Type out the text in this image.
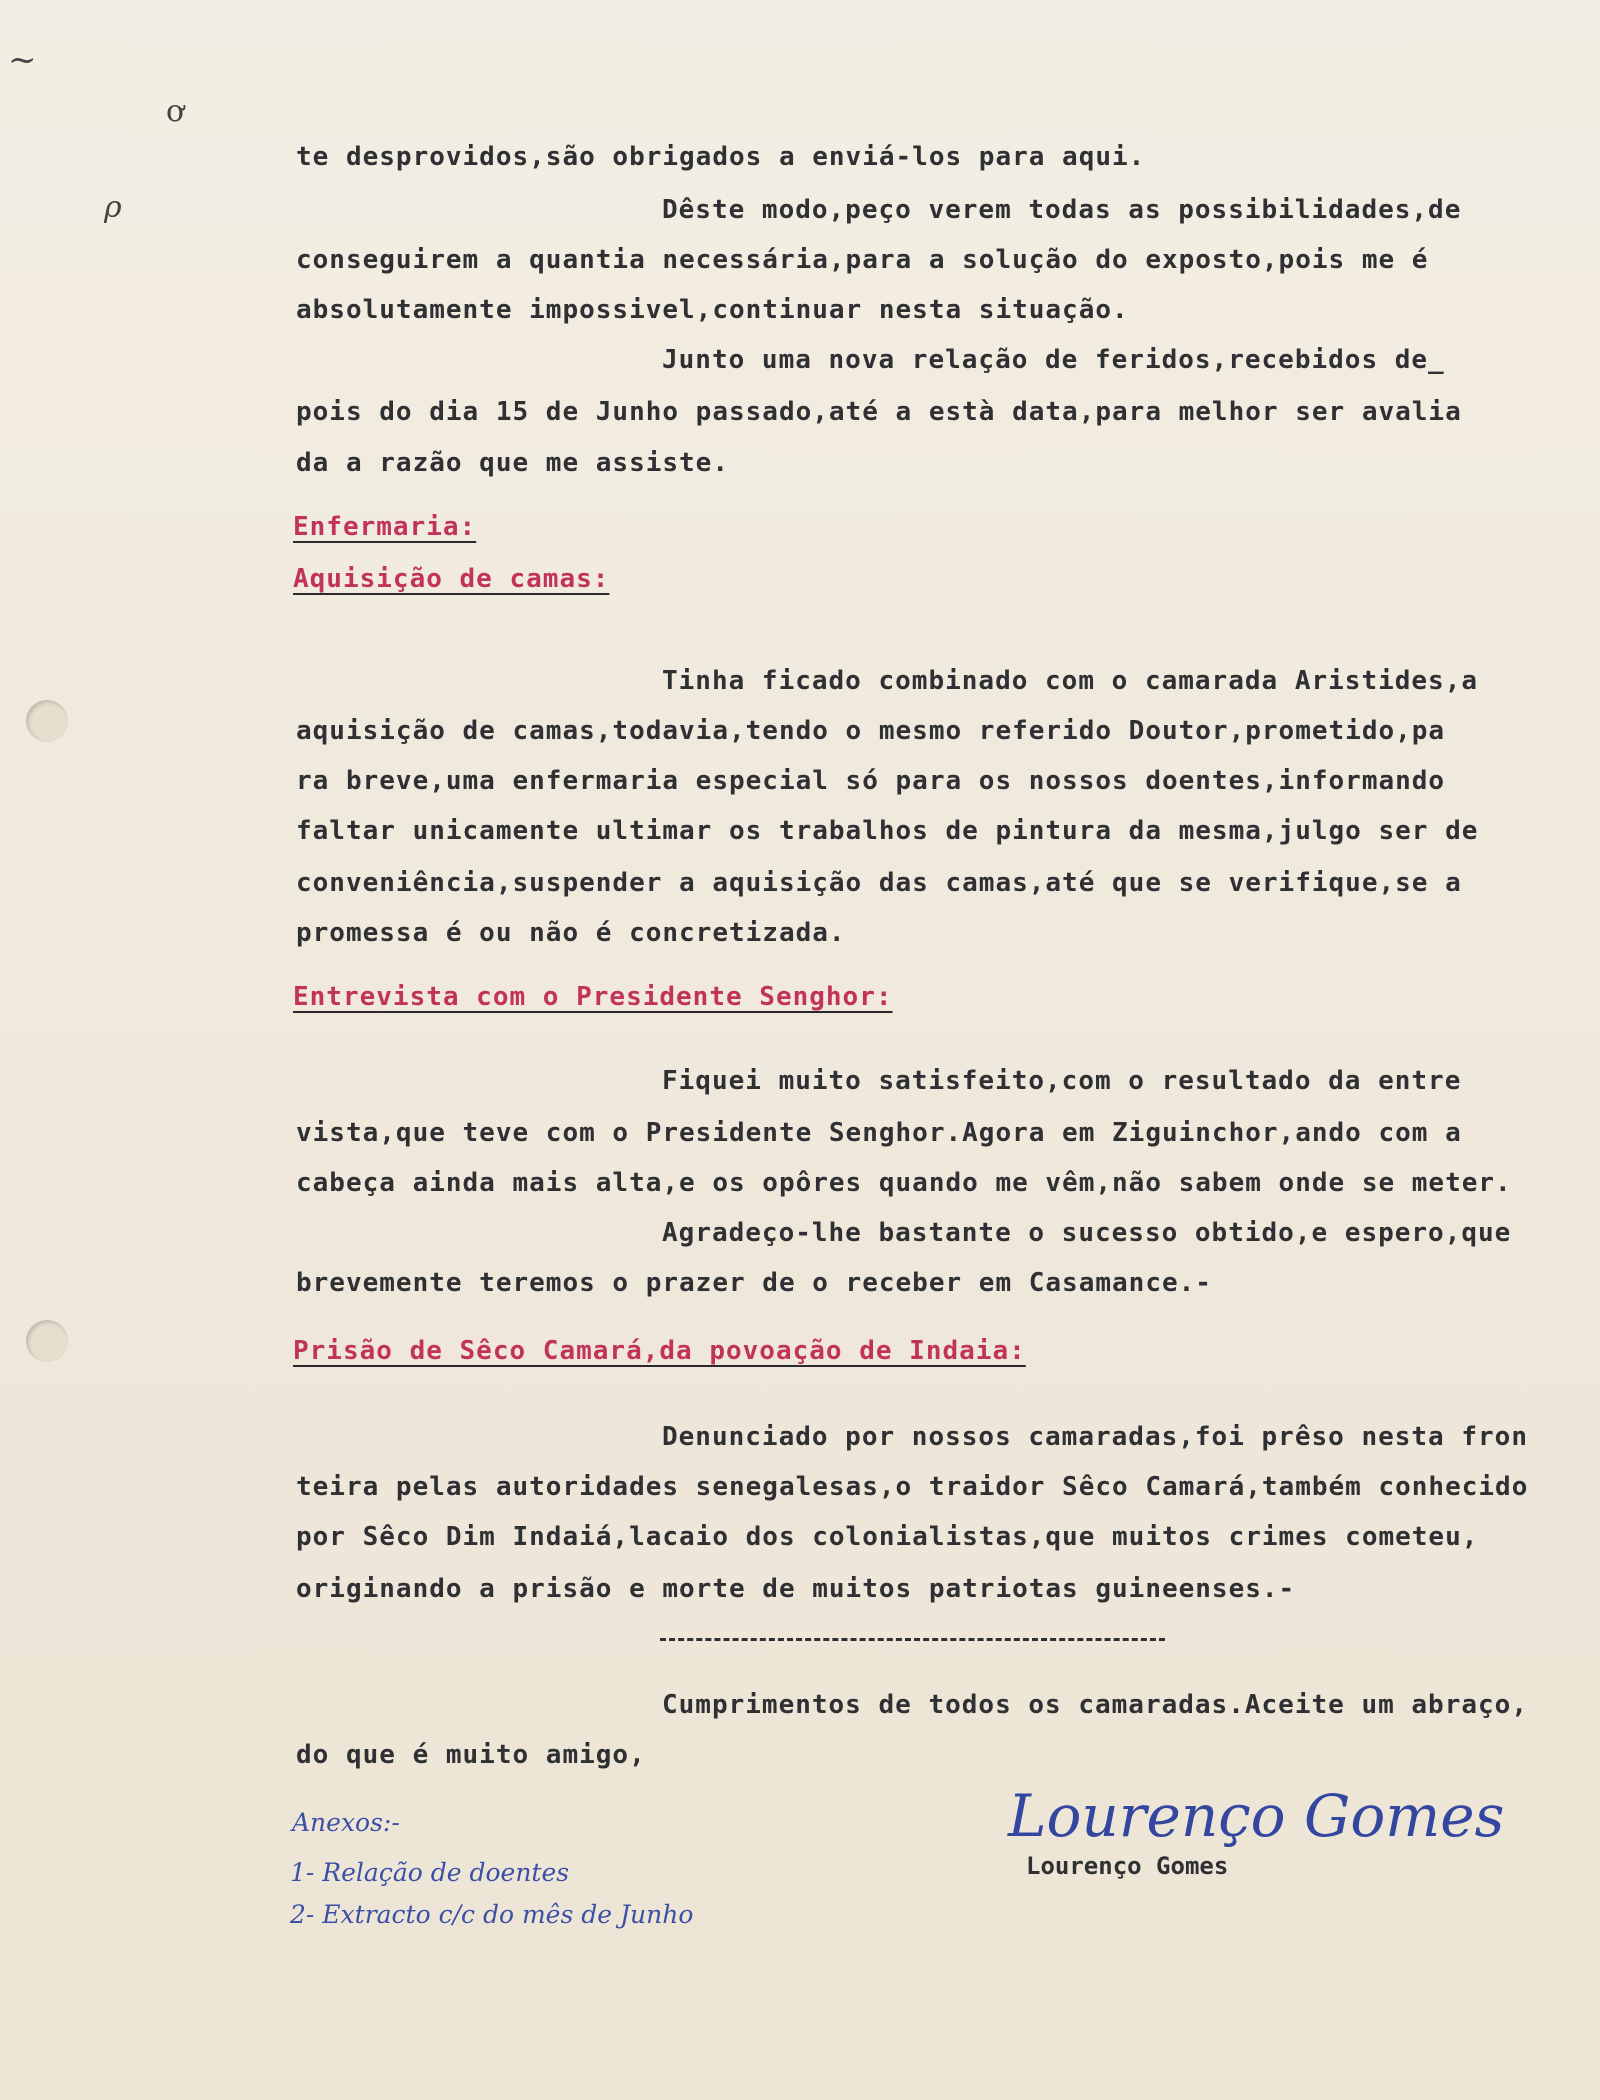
~
ơ
ρ
te desprovidos,são obrigados a enviá-los para aqui.
Dêste modo,peço verem todas as possibilidades,de
conseguirem a quantia necessária,para a solução do exposto,pois me é
absolutamente impossivel,continuar nesta situação.
Junto uma nova relação de feridos,recebidos de_
pois do dia 15 de Junho passado,até a està data,para melhor ser avalia
da a razão que me assiste.
Enfermaria:
Aquisição de camas:
Tinha ficado combinado com o camarada Aristides,a
aquisição de camas,todavia,tendo o mesmo referido Doutor,prometido,pa
ra breve,uma enfermaria especial só para os nossos doentes,informando
faltar unicamente ultimar os trabalhos de pintura da mesma,julgo ser de
conveniência,suspender a aquisição das camas,até que se verifique,se a
promessa é ou não é concretizada.
Entrevista com o Presidente Senghor:
Fiquei muito satisfeito,com o resultado da entre
vista,que teve com o Presidente Senghor.Agora em Ziguinchor,ando com a
cabeça ainda mais alta,e os opôres quando me vêm,não sabem onde se meter.
Agradeço-lhe bastante o sucesso obtido,e espero,que
brevemente teremos o prazer de o receber em Casamance.-
Prisão de Sêco Camará,da povoação de Indaia:
Denunciado por nossos camaradas,foi prêso nesta fron
teira pelas autoridades senegalesas,o traidor Sêco Camará,também conhecido
por Sêco Dim Indaiá,lacaio dos colonialistas,que muitos crimes cometeu,
originando a prisão e morte de muitos patriotas guineenses.-
Cumprimentos de todos os camaradas.Aceite um abraço,
do que é muito amigo,
Anexos:-
1- Relação de doentes
2- Extracto c/c do mês de Junho
Lourenço Gomes
Lourenço Gomes
